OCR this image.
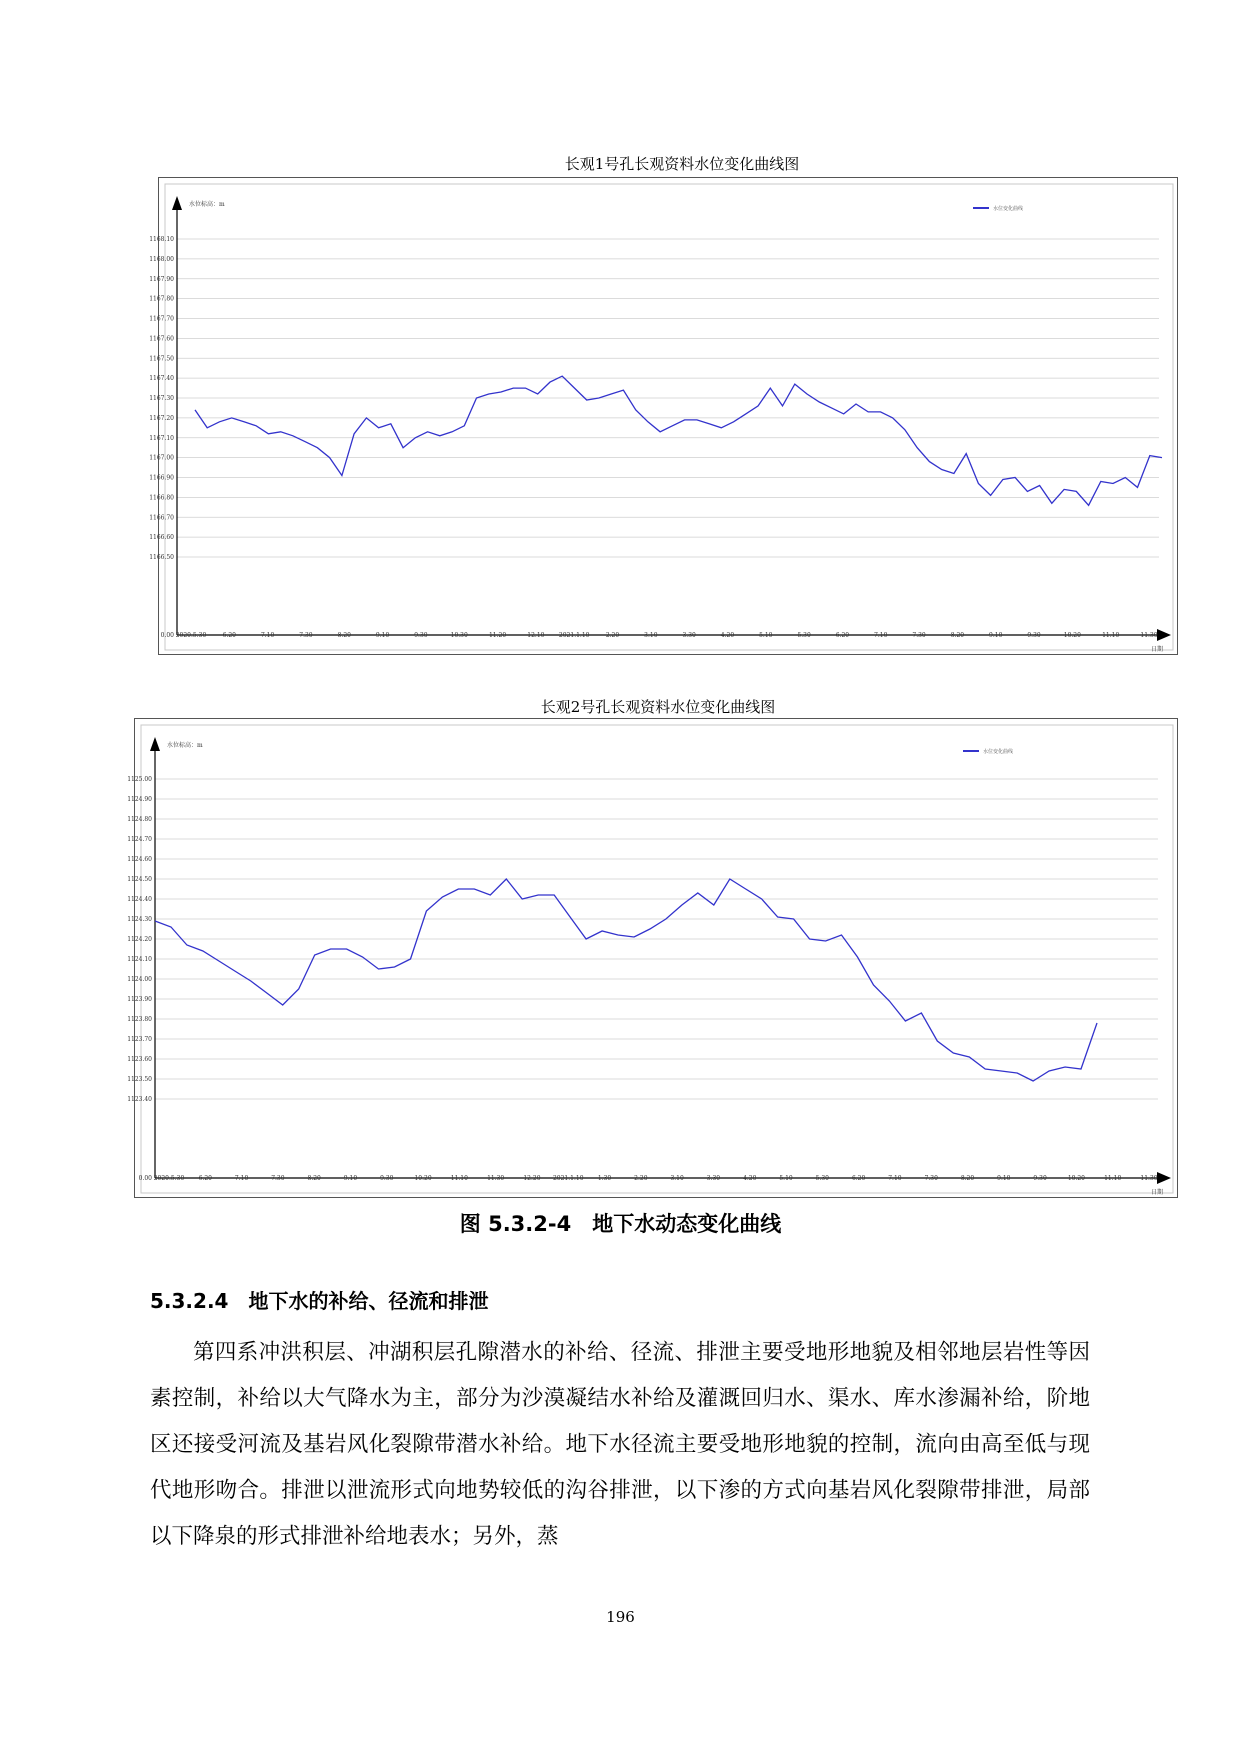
长观1号孔长观资料水位变化曲线图
1168.10
1168.00
1167.90
1167.80
1167.70
1167.60
1167.50
1167.40
1167.30
1167.20
1167.10
1167.00
1166.90
1166.80
1166.70
1166.60
1166.50
0.00
水位标高：m
2020.5.30	6.20	7.10	7.30	8.20	9.10	9.30	10.30	11.20	12.10 2021.1.10	2.20	3.10	3.30	4.20	5.10	5.30	6.20	7.10	7.30	8.20	9.10	9.30	10.20	11.10	11.30
日期
水位变化曲线
长观2号孔长观资料水位变化曲线图
1125.00
1124.90
1124.80
1124.70
1124.60
1124.50
1124.40
1124.30
1124.20
1124.10
1124.00
1123.90
1123.80
1123.70
1123.60
1123.50
1123.40
0.00
水位标高：m
2020.5.30 6.20	7.10	7.30	8.20	9.10	9.30	10.20	11.10	11.30	12.20 2021.1.10 1.30	2.20	3.10	3.30	4.20	5.10	5.30	6.20	7.10	7.30	8.20	9.10	9.30	10.20	11.10	11.30
日期
水位变化曲线
图 5.3.2-4　地下水动态变化曲线
5.3.2.4　地下水的补给、径流和排泄
第四系冲洪积层、冲湖积层孔隙潜水的补给、径流、排泄主要受地形地貌及相邻地层岩性等因素控制，补给以大气降水为主，部分为沙漠凝结水补给及灌溉回归水、渠水、库水渗漏补给，阶地区还接受河流及基岩风化裂隙带潜水补给。地下水径流主要受地形地貌的控制，流向由高至低与现代地形吻合。排泄以泄流形式向地势较低的沟谷排泄，以下渗的方式向基岩风化裂隙带排泄，局部以下降泉的形式排泄补给地表水；另外，蒸
196
